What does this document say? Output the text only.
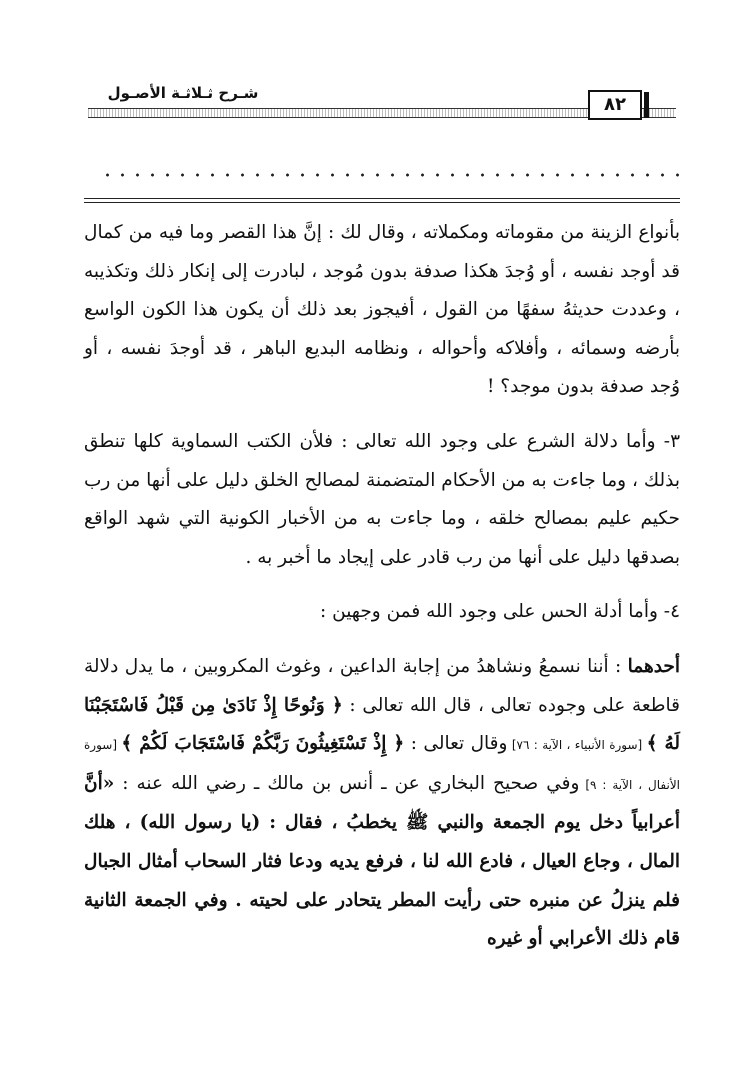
شـرح ثـلاثـة الأصـول
٨٢

بأنواع الزينة من مقوماته ومكملاته ، وقال لك : إنَّ هذا القصر وما فيه من كمال قد أوجد نفسه ، أو وُجدَ هكذا صدفة بدون مُوجد ، لبادرت إلى إنكار ذلك وتكذيبه ، وعددت حديثهُ سفهًا من القول ، أفيجوز بعد ذلك أن يكون هذا الكون الواسع بأرضه وسمائه ، وأفلاكه وأحواله ، ونظامه البديع الباهر ، قد أوجدَ نفسه ، أو وُجد صدفة بدون موجد؟ !

٣- وأما دلالة الشرع على وجود الله تعالى : فلأن الكتب السماوية كلها تنطق بذلك ، وما جاءت به من الأحكام المتضمنة لمصالح الخلق دليل على أنها من رب حكيم عليم بمصالح خلقه ، وما جاءت به من الأخبار الكونية التي شهد الواقع بصدقها دليل على أنها من رب قادر على إيجاد ما أخبر به .

٤- وأما أدلة الحس على وجود الله فمن وجهين :

أحدهما : أننا نسمعُ ونشاهدُ من إجابة الداعين ، وغوث المكروبين ، ما يدل دلالة قاطعة على وجوده تعالى ، قال الله تعالى : ﴿ وَنُوحًا إِذْ نَادَىٰ مِن قَبْلُ فَاسْتَجَبْنَا لَهُ ﴾ [سورة الأنبياء ، الآية : ٧٦] وقال تعالى : ﴿ إِذْ تَسْتَغِيثُونَ رَبَّكُمْ فَاسْتَجَابَ لَكُمْ ﴾ [سورة الأنفال ، الآية : ٩] وفي صحيح البخاري عن ـ أنس بن مالك ـ رضي الله عنه : «أنَّ أعرابياً دخل يوم الجمعة والنبي ﷺ يخطبُ ، فقال : (يا رسول الله) ، هلك المال ، وجاع العيال ، فادع الله لنا ، فرفع يديه ودعا فثار السحاب أمثال الجبال فلم ينزلُ عن منبره حتى رأيت المطر يتحادر على لحيته . وفي الجمعة الثانية قام ذلك الأعرابي أو غيره
